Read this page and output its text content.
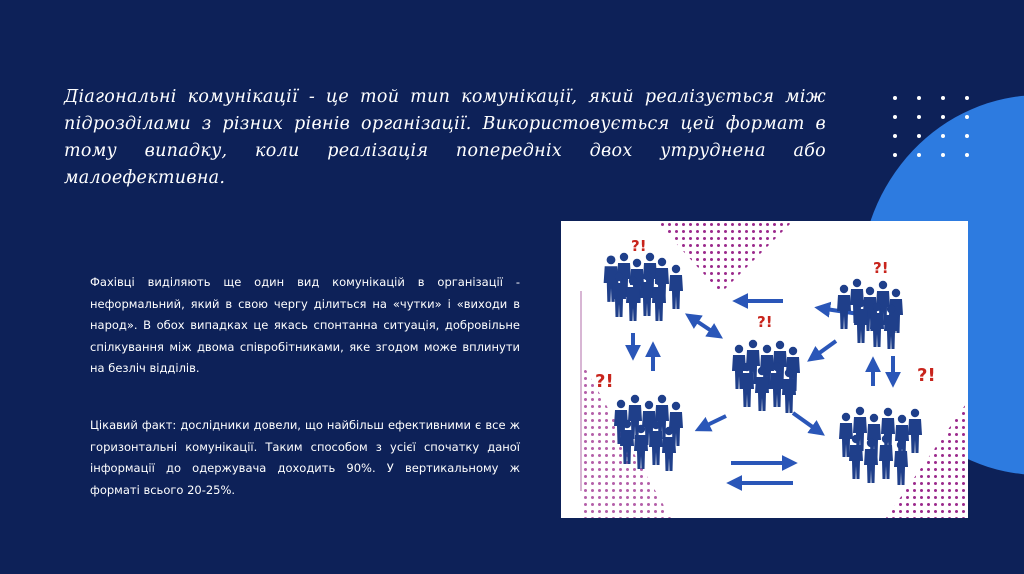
Діагональні комунікації - це той тип комунікації, який реалізується між підрозділами з різних рівнів організації. Використовується цей формат в тому випадку, коли реалізація попередніх двох утруднена або малоефективна.

Фахівці виділяють ще один вид комунікацій в організації - неформальний, який в свою чергу ділиться на «чутки» і «виходи в народ». В обох випадках це якась спонтанна ситуація, добровільне спілкування між двома співробітниками, яке згодом може вплинути на безліч відділів.

Цікавий факт: дослідники довели, що найбільш ефективними є все ж горизонтальні комунікації. Таким способом з усієї спочатку даної інформації до одержувача доходить 90%. У вертикальному ж форматі всього 20-25%.

?!
?!
?!
?!	?!
